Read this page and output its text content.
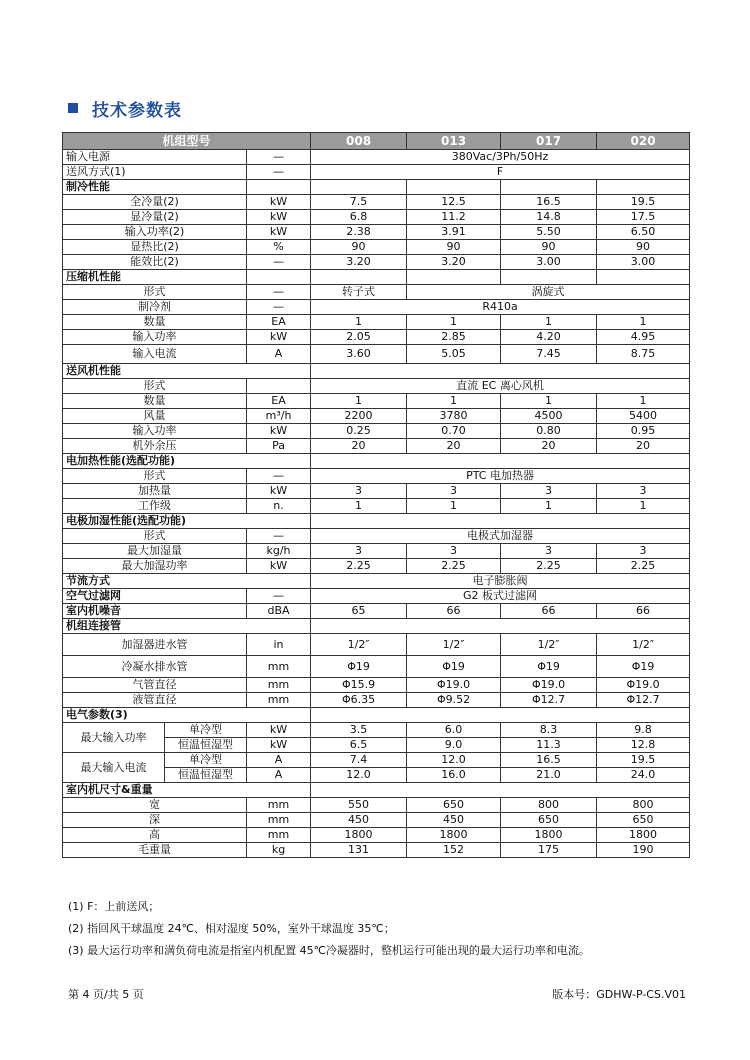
技术参数表
机组型号			008	013	017	020
输入电源		—	380Vac/3Ph/50Hz			
送风方式(1)		—	F			
制冷性能						
全冷量(2)		kW	7.5	12.5	16.5	19.5
显冷量(2)		kW	6.8	11.2	14.8	17.5
输入功率(2)		kW	2.38	3.91	5.50	6.50
显热比(2)		%	90	90	90	90
能效比(2)		—	3.20	3.20	3.00	3.00
压缩机性能						
形式		—	转子式	涡旋式		
制冷剂		—	R410a			
数量		EA	1	1	1	1
输入功率		kW	2.05	2.85	4.20	4.95
输入电流		A	3.60	5.05	7.45	8.75
送风机性能						
形式			直流 EC 离心风机			
数量		EA	1	1	1	1
风量		m³/h	2200	3780	4500	5400
输入功率		kW	0.25	0.70	0.80	0.95
机外余压		Pa	20	20	20	20
电加热性能(选配功能)						
形式		—	PTC 电加热器			
加热量		kW	3	3	3	3
工作级		n.	1	1	1	1
电极加湿性能(选配功能)						
形式		—	电极式加湿器			
最大加湿量		kg/h	3	3	3	3
最大加湿功率		kW	2.25	2.25	2.25	2.25
节流方式			电子膨胀阀			
空气过滤网		—	G2 板式过滤网			
室内机噪音		dBA	65	66	66	66
机组连接管						
加湿器进水管		in	1/2″	1/2″	1/2″	1/2″
冷凝水排水管		mm	Φ19	Φ19	Φ19	Φ19
气管直径		mm	Φ15.9	Φ19.0	Φ19.0	Φ19.0
液管直径		mm	Φ6.35	Φ9.52	Φ12.7	Φ12.7
电气参数(3)						
最大输入功率	单冷型	kW	3.5	6.0	8.3	9.8
	恒温恒湿型	kW	6.5	9.0	11.3	12.8
最大输入电流	单冷型	A	7.4	12.0	16.5	19.5
	恒温恒湿型	A	12.0	16.0	21.0	24.0
室内机尺寸&重量						
宽		mm	550	650	800	800
深		mm	450	450	650	650
高		mm	1800	1800	1800	1800
毛重量		kg	131	152	175	190
(1) F：上前送风；
(2) 指回风干球温度 24℃、相对湿度 50%，室外干球温度 35℃；
(3) 最大运行功率和满负荷电流是指室内机配置 45℃冷凝器时，整机运行可能出现的最大运行功率和电流。
第 4 页/共 5 页	版本号：GDHW-P-CS.V01
